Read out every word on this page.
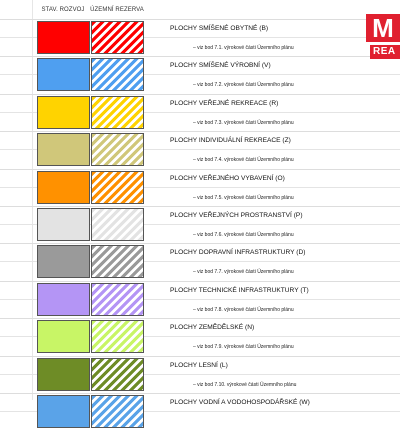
STAV. ROZVOJ ÚZEMNÍ REZERVA
PLOCHY SMÍŠENÉ OBYTNÉ (B)
– viz bod 7.1. výrokové části Územního plánu
PLOCHY SMÍŠENÉ VÝROBNÍ (V)
– viz bod 7.2. výrokové části Územního plánu
PLOCHY VEŘEJNÉ REKREACE (R)
– viz bod 7.3. výrokové části Územního plánu
PLOCHY INDIVIDUÁLNÍ REKREACE (Z)
– viz bod 7.4. výrokové části Územního plánu
PLOCHY VEŘEJNÉHO VYBAVENÍ (O)
– viz bod 7.5. výrokové části Územního plánu
PLOCHY VEŘEJNÝCH PROSTRANSTVÍ (P)
– viz bod 7.6. výrokové části Územního plánu
PLOCHY DOPRAVNÍ INFRASTRUKTURY (D)
– viz bod 7.7. výrokové části Územního plánu
PLOCHY TECHNICKÉ INFRASTRUKTURY (T)
– viz bod 7.8. výrokové části Územního plánu
PLOCHY ZEMĚDĚLSKÉ (N)
– viz bod 7.9. výrokové části Územního plánu
PLOCHY LESNÍ (L)
– viz bod 7.10. výrokové části Územního plánu
PLOCHY VODNÍ A VODOHOSPODÁŘSKÉ (W)
M
REA
